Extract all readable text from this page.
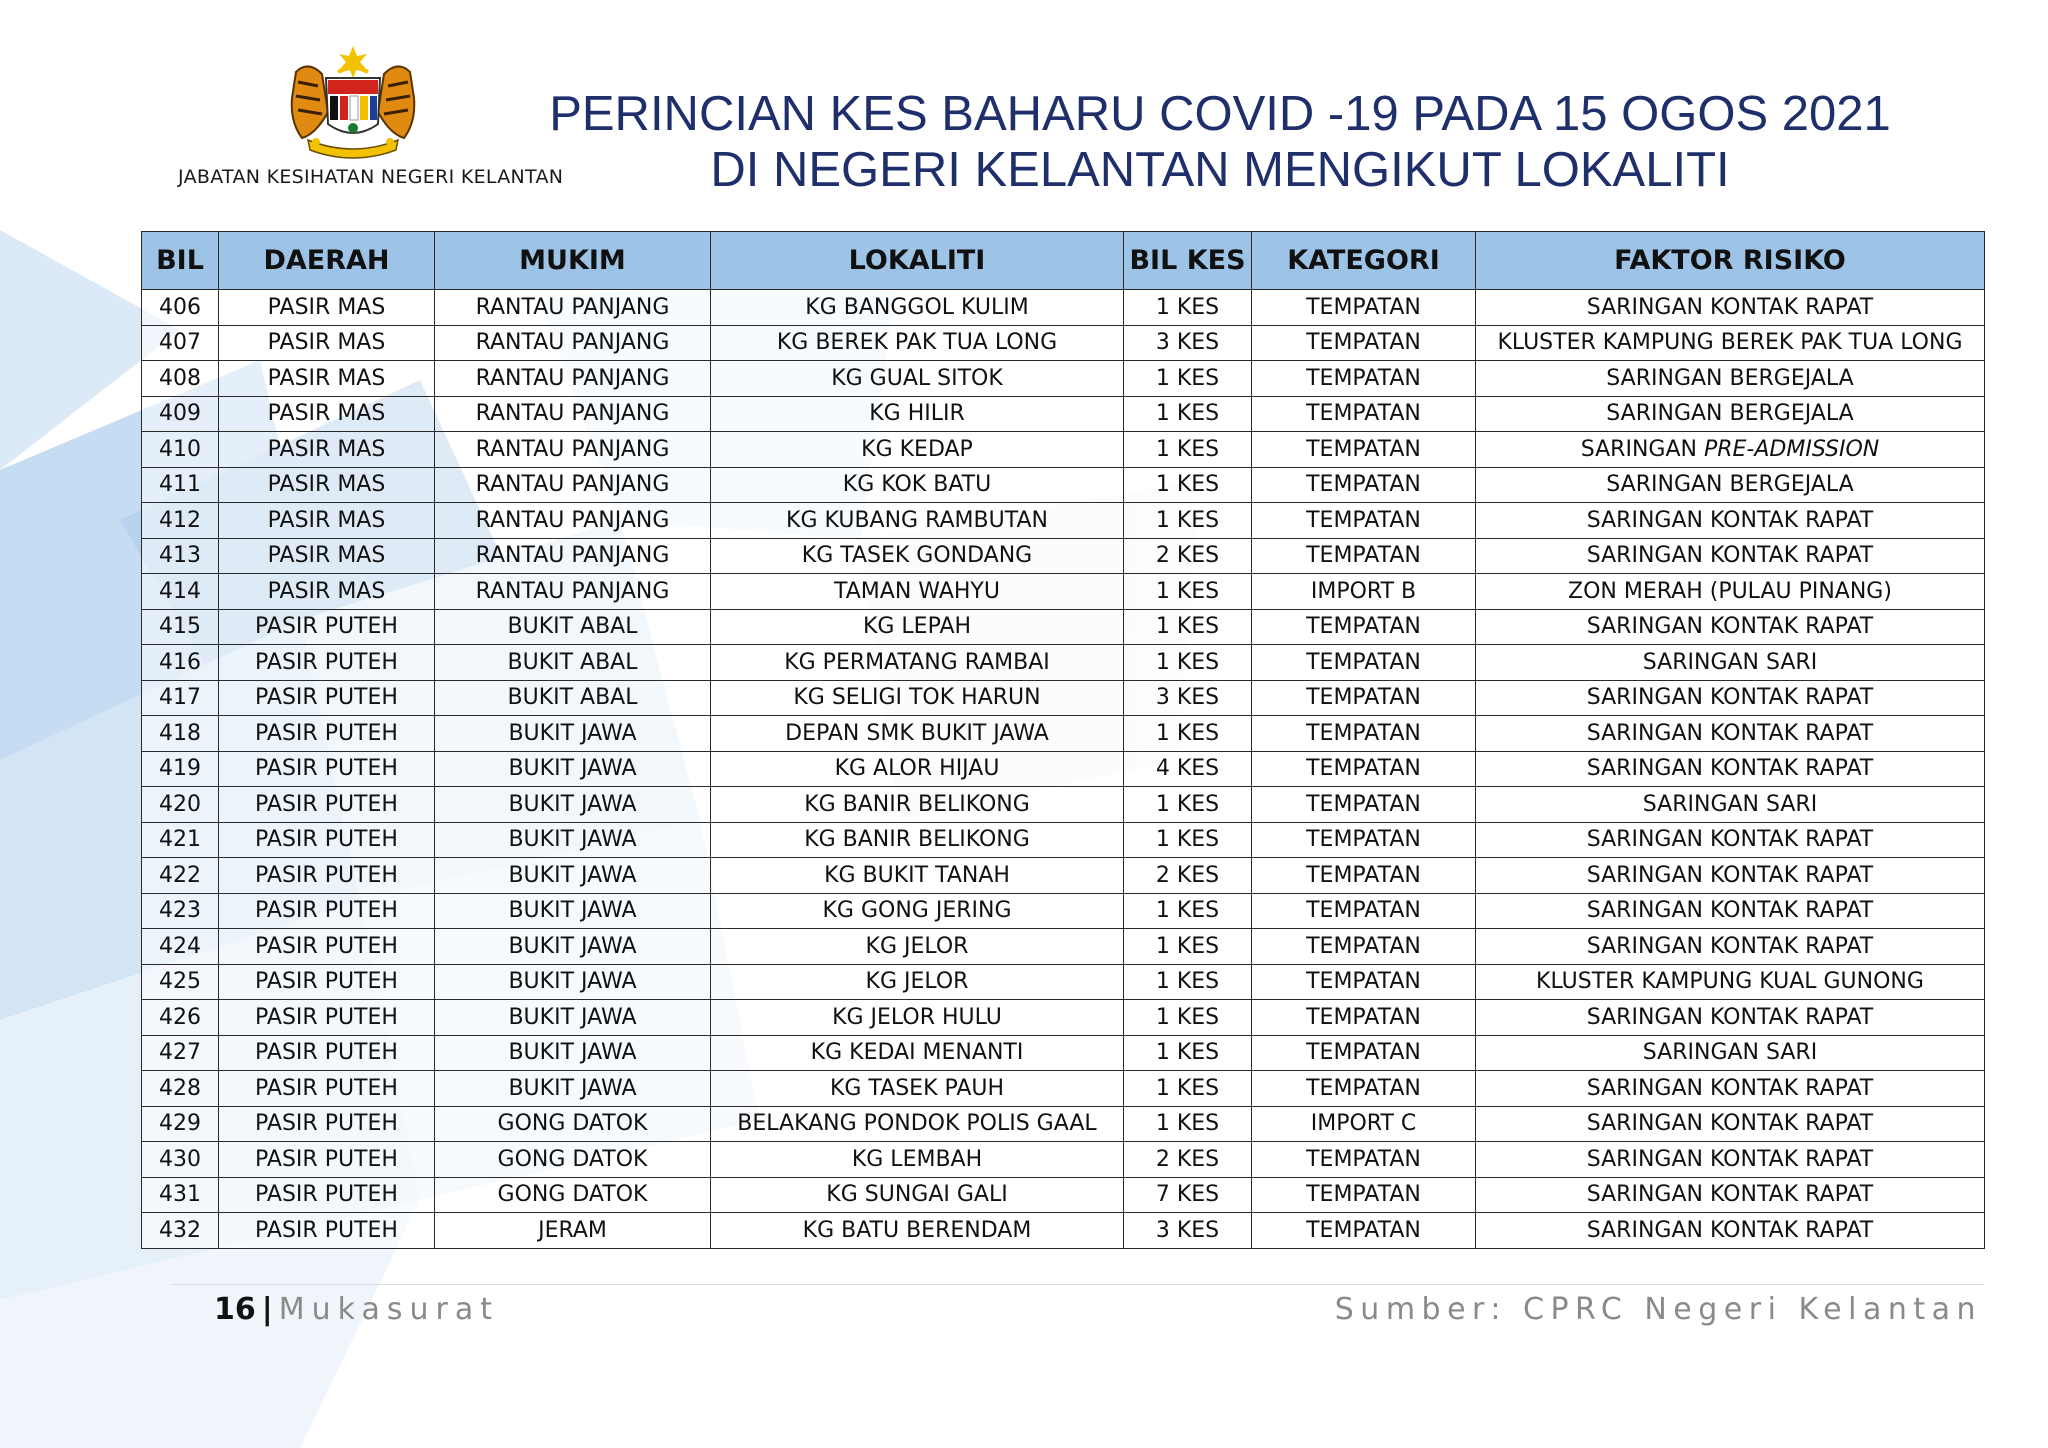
JABATAN KESIHATAN NEGERI KELANTAN
PERINCIAN KES BAHARU COVID -19 PADA 15 OGOS 2021
DI NEGERI KELANTAN MENGIKUT LOKALITI
BIL	DAERAH	MUKIM	LOKALITI	BIL KES	KATEGORI	FAKTOR RISIKO
406	PASIR MAS	RANTAU PANJANG	KG BANGGOL KULIM	1 KES	TEMPATAN	SARINGAN KONTAK RAPAT
407	PASIR MAS	RANTAU PANJANG	KG BEREK PAK TUA LONG	3 KES	TEMPATAN	KLUSTER KAMPUNG BEREK PAK TUA LONG
408	PASIR MAS	RANTAU PANJANG	KG GUAL SITOK	1 KES	TEMPATAN	SARINGAN BERGEJALA
409	PASIR MAS	RANTAU PANJANG	KG HILIR	1 KES	TEMPATAN	SARINGAN BERGEJALA
410	PASIR MAS	RANTAU PANJANG	KG KEDAP	1 KES	TEMPATAN	SARINGAN PRE-ADMISSION
411	PASIR MAS	RANTAU PANJANG	KG KOK BATU	1 KES	TEMPATAN	SARINGAN BERGEJALA
412	PASIR MAS	RANTAU PANJANG	KG KUBANG RAMBUTAN	1 KES	TEMPATAN	SARINGAN KONTAK RAPAT
413	PASIR MAS	RANTAU PANJANG	KG TASEK GONDANG	2 KES	TEMPATAN	SARINGAN KONTAK RAPAT
414	PASIR MAS	RANTAU PANJANG	TAMAN WAHYU	1 KES	IMPORT B	ZON MERAH (PULAU PINANG)
415	PASIR PUTEH	BUKIT ABAL	KG LEPAH	1 KES	TEMPATAN	SARINGAN KONTAK RAPAT
416	PASIR PUTEH	BUKIT ABAL	KG PERMATANG RAMBAI	1 KES	TEMPATAN	SARINGAN SARI
417	PASIR PUTEH	BUKIT ABAL	KG SELIGI TOK HARUN	3 KES	TEMPATAN	SARINGAN KONTAK RAPAT
418	PASIR PUTEH	BUKIT JAWA	DEPAN SMK BUKIT JAWA	1 KES	TEMPATAN	SARINGAN KONTAK RAPAT
419	PASIR PUTEH	BUKIT JAWA	KG ALOR HIJAU	4 KES	TEMPATAN	SARINGAN KONTAK RAPAT
420	PASIR PUTEH	BUKIT JAWA	KG BANIR BELIKONG	1 KES	TEMPATAN	SARINGAN SARI
421	PASIR PUTEH	BUKIT JAWA	KG BANIR BELIKONG	1 KES	TEMPATAN	SARINGAN KONTAK RAPAT
422	PASIR PUTEH	BUKIT JAWA	KG BUKIT TANAH	2 KES	TEMPATAN	SARINGAN KONTAK RAPAT
423	PASIR PUTEH	BUKIT JAWA	KG GONG JERING	1 KES	TEMPATAN	SARINGAN KONTAK RAPAT
424	PASIR PUTEH	BUKIT JAWA	KG JELOR	1 KES	TEMPATAN	SARINGAN KONTAK RAPAT
425	PASIR PUTEH	BUKIT JAWA	KG JELOR	1 KES	TEMPATAN	KLUSTER KAMPUNG KUAL GUNONG
426	PASIR PUTEH	BUKIT JAWA	KG JELOR HULU	1 KES	TEMPATAN	SARINGAN KONTAK RAPAT
427	PASIR PUTEH	BUKIT JAWA	KG KEDAI MENANTI	1 KES	TEMPATAN	SARINGAN SARI
428	PASIR PUTEH	BUKIT JAWA	KG TASEK PAUH	1 KES	TEMPATAN	SARINGAN KONTAK RAPAT
429	PASIR PUTEH	GONG DATOK	BELAKANG PONDOK POLIS GAAL	1 KES	IMPORT C	SARINGAN KONTAK RAPAT
430	PASIR PUTEH	GONG DATOK	KG LEMBAH	2 KES	TEMPATAN	SARINGAN KONTAK RAPAT
431	PASIR PUTEH	GONG DATOK	KG SUNGAI GALI	7 KES	TEMPATAN	SARINGAN KONTAK RAPAT
432	PASIR PUTEH	JERAM	KG BATU BERENDAM	3 KES	TEMPATAN	SARINGAN KONTAK RAPAT
16 | Mukasurat	Sumber: CPRC Negeri Kelantan
